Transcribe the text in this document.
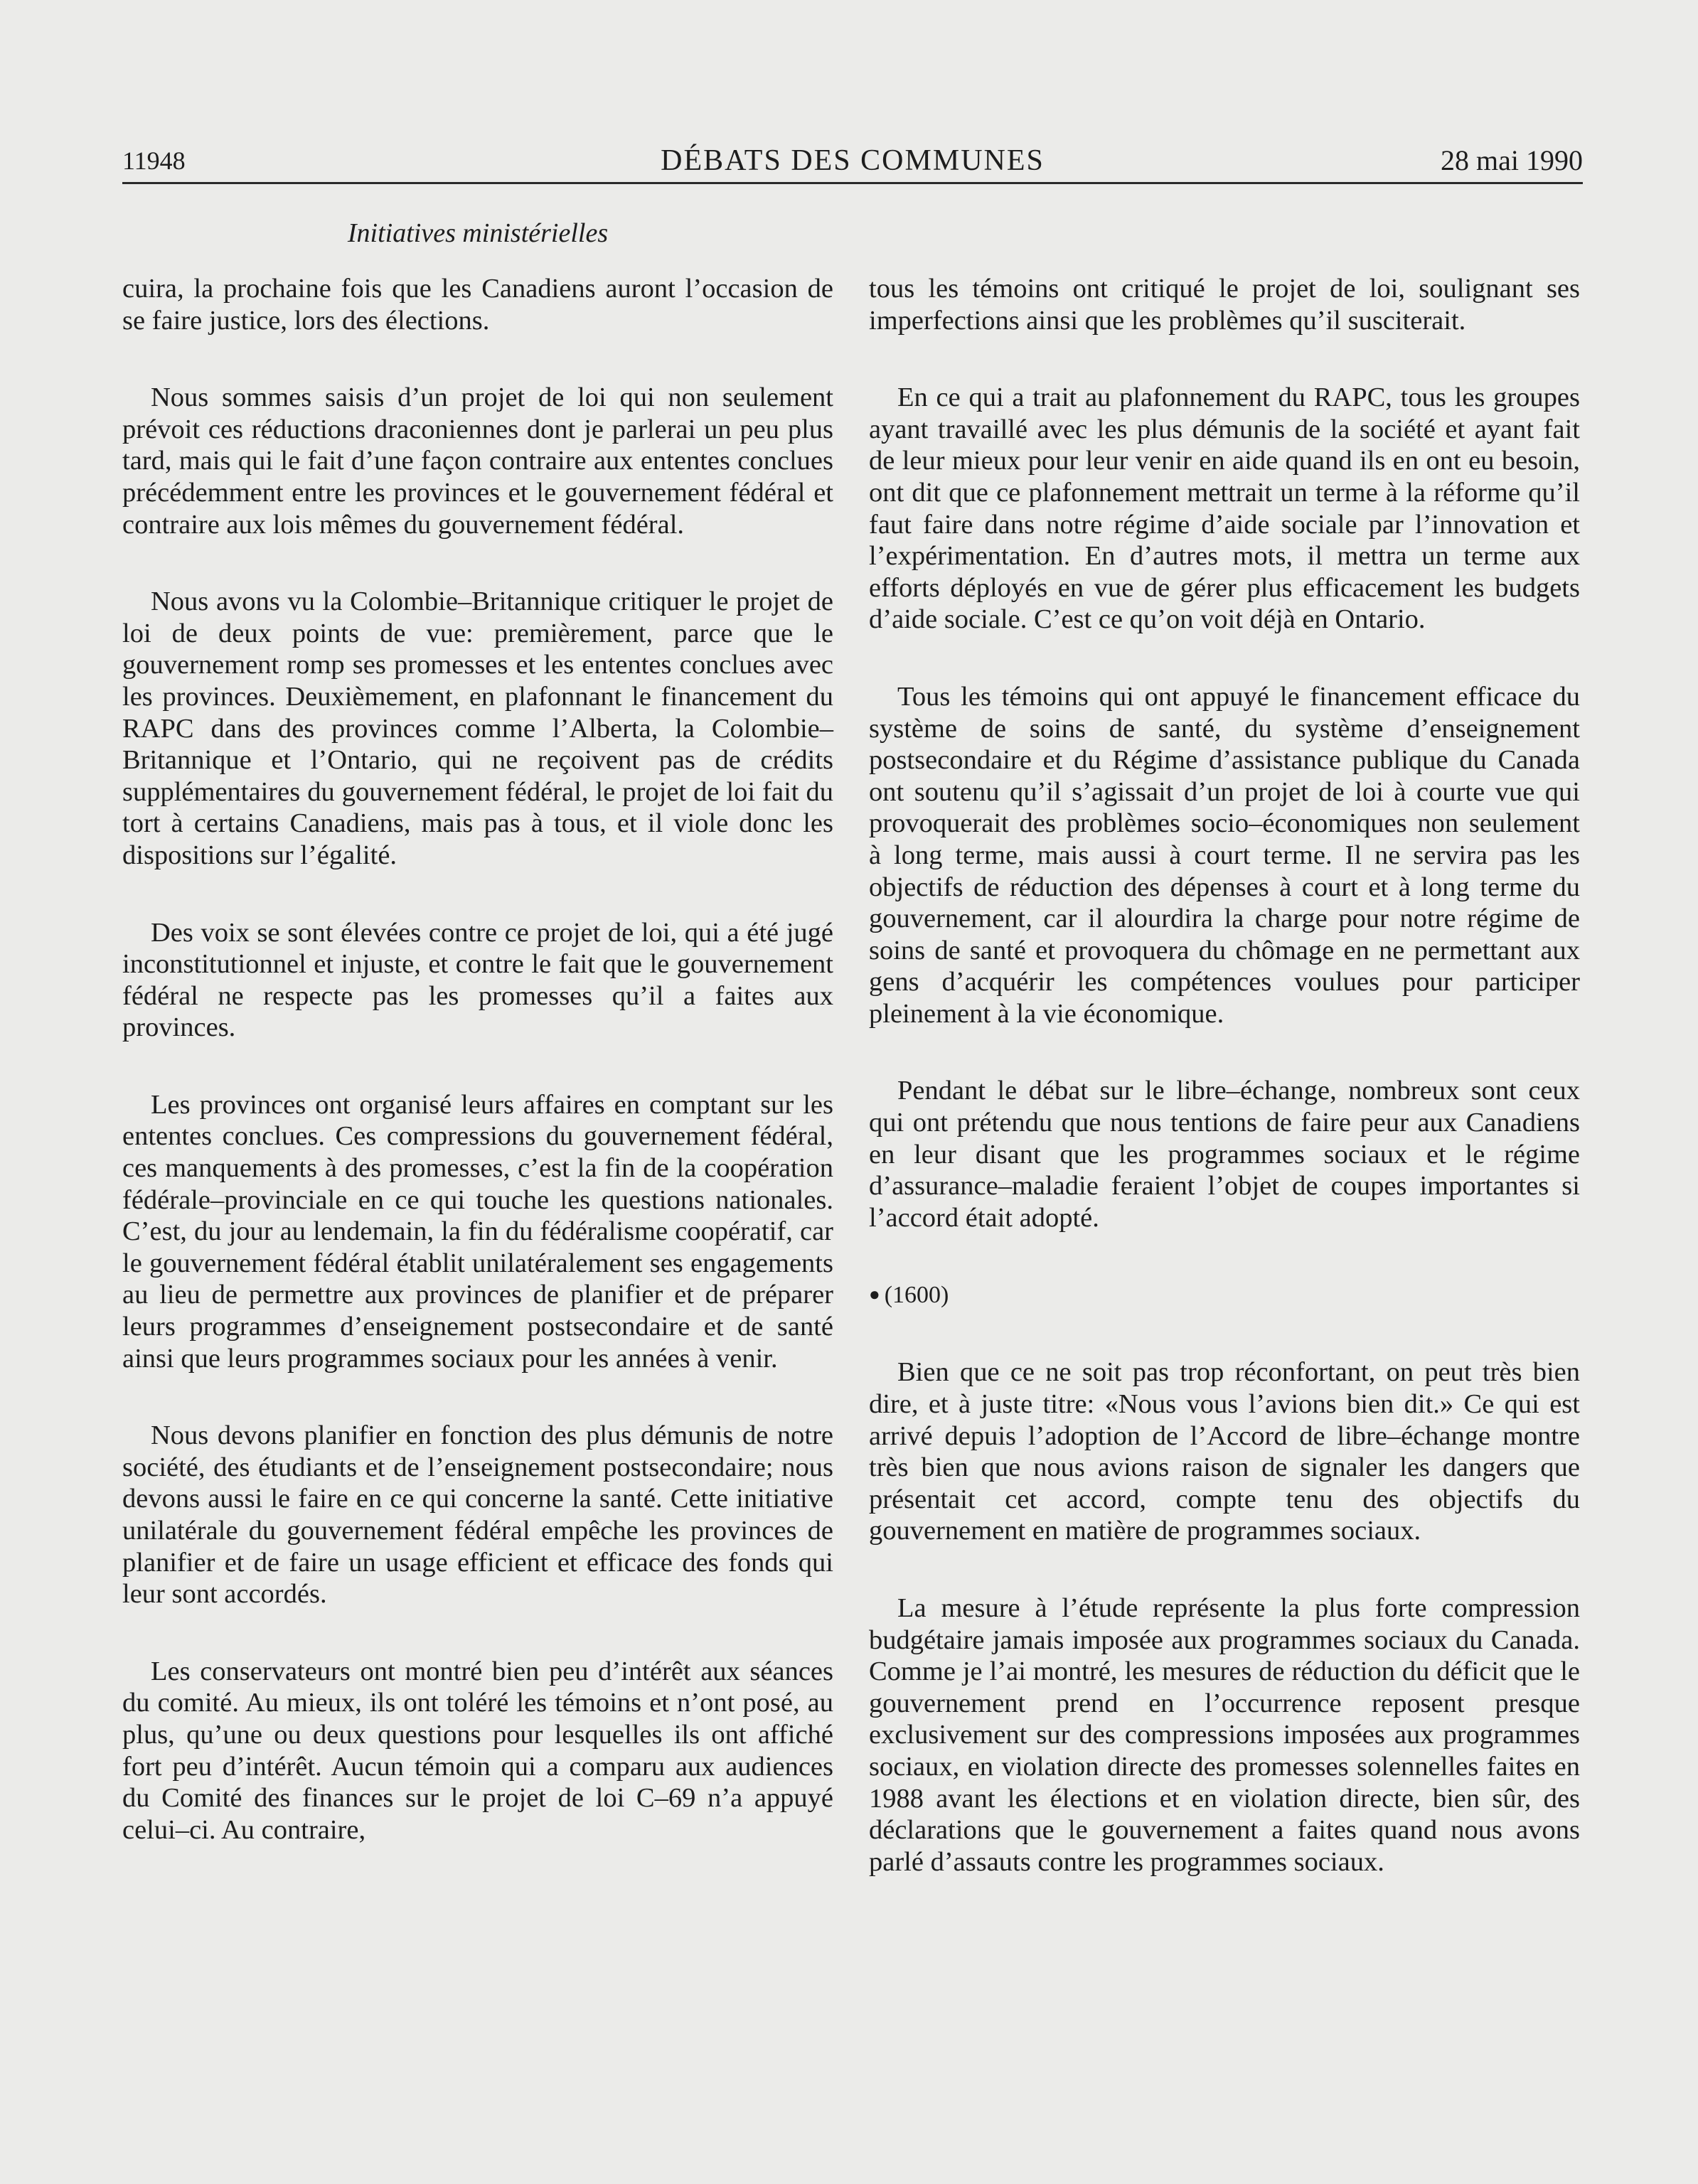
11948	DÉBATS DES COMMUNES	28 mai 1990
Initiatives ministérielles

cuira, la prochaine fois que les Canadiens auront l’occasion de se faire justice, lors des élections.

Nous sommes saisis d’un projet de loi qui non seulement prévoit ces réductions draconiennes dont je parlerai un peu plus tard, mais qui le fait d’une façon contraire aux ententes conclues précédemment entre les provinces et le gouvernement fédéral et contraire aux lois mêmes du gouvernement fédéral.

Nous avons vu la Colombie–Britannique critiquer le projet de loi de deux points de vue: premièrement, parce que le gouvernement romp ses promesses et les ententes conclues avec les provinces. Deuxièmement, en plafonnant le financement du RAPC dans des provinces comme l’Alberta, la Colombie–Britannique et l’Ontario, qui ne reçoivent pas de crédits supplémentaires du gouvernement fédéral, le projet de loi fait du tort à certains Canadiens, mais pas à tous, et il viole donc les dispositions sur l’égalité.

Des voix se sont élevées contre ce projet de loi, qui a été jugé inconstitutionnel et injuste, et contre le fait que le gouvernement fédéral ne respecte pas les promesses qu’il a faites aux provinces.

Les provinces ont organisé leurs affaires en comptant sur les ententes conclues. Ces compressions du gouvernement fédéral, ces manquements à des promesses, c’est la fin de la coopération fédérale–provinciale en ce qui touche les questions nationales. C’est, du jour au lendemain, la fin du fédéralisme coopératif, car le gouvernement fédéral établit unilatéralement ses engagements au lieu de permettre aux provinces de planifier et de préparer leurs programmes d’enseignement postsecondaire et de santé ainsi que leurs programmes sociaux pour les années à venir.

Nous devons planifier en fonction des plus démunis de notre société, des étudiants et de l’enseignement postsecondaire; nous devons aussi le faire en ce qui concerne la santé. Cette initiative unilatérale du gouvernement fédéral empêche les provinces de planifier et de faire un usage efficient et efficace des fonds qui leur sont accordés.

Les conservateurs ont montré bien peu d’intérêt aux séances du comité. Au mieux, ils ont toléré les témoins et n’ont posé, au plus, qu’une ou deux questions pour lesquelles ils ont affiché fort peu d’intérêt. Aucun témoin qui a comparu aux audiences du Comité des finances sur le projet de loi C–69 n’a appuyé celui–ci. Au contraire,

tous les témoins ont critiqué le projet de loi, soulignant ses imperfections ainsi que les problèmes qu’il susciterait.

En ce qui a trait au plafonnement du RAPC, tous les groupes ayant travaillé avec les plus démunis de la société et ayant fait de leur mieux pour leur venir en aide quand ils en ont eu besoin, ont dit que ce plafonnement mettrait un terme à la réforme qu’il faut faire dans notre régime d’aide sociale par l’innovation et l’expérimentation. En d’autres mots, il mettra un terme aux efforts déployés en vue de gérer plus efficacement les budgets d’aide sociale. C’est ce qu’on voit déjà en Ontario.

Tous les témoins qui ont appuyé le financement efficace du système de soins de santé, du système d’enseignement postsecondaire et du Régime d’assistance publique du Canada ont soutenu qu’il s’agissait d’un projet de loi à courte vue qui provoquerait des problèmes socio–économiques non seulement à long terme, mais aussi à court terme. Il ne servira pas les objectifs de réduction des dépenses à court et à long terme du gouvernement, car il alourdira la charge pour notre régime de soins de santé et provoquera du chômage en ne permettant aux gens d’acquérir les compétences voulues pour participer pleinement à la vie économique.

Pendant le débat sur le libre–échange, nombreux sont ceux qui ont prétendu que nous tentions de faire peur aux Canadiens en leur disant que les programmes sociaux et le régime d’assurance–maladie feraient l’objet de coupes importantes si l’accord était adopté.

● (1600)

Bien que ce ne soit pas trop réconfortant, on peut très bien dire, et à juste titre: «Nous vous l’avions bien dit.» Ce qui est arrivé depuis l’adoption de l’Accord de libre–échange montre très bien que nous avions raison de signaler les dangers que présentait cet accord, compte tenu des objectifs du gouvernement en matière de programmes sociaux.

La mesure à l’étude représente la plus forte compression budgétaire jamais imposée aux programmes sociaux du Canada. Comme je l’ai montré, les mesures de réduction du déficit que le gouvernement prend en l’occurrence reposent presque exclusivement sur des compressions imposées aux programmes sociaux, en violation directe des promesses solennelles faites en 1988 avant les élections et en violation directe, bien sûr, des déclarations que le gouvernement a faites quand nous avons parlé d’assauts contre les programmes sociaux.
